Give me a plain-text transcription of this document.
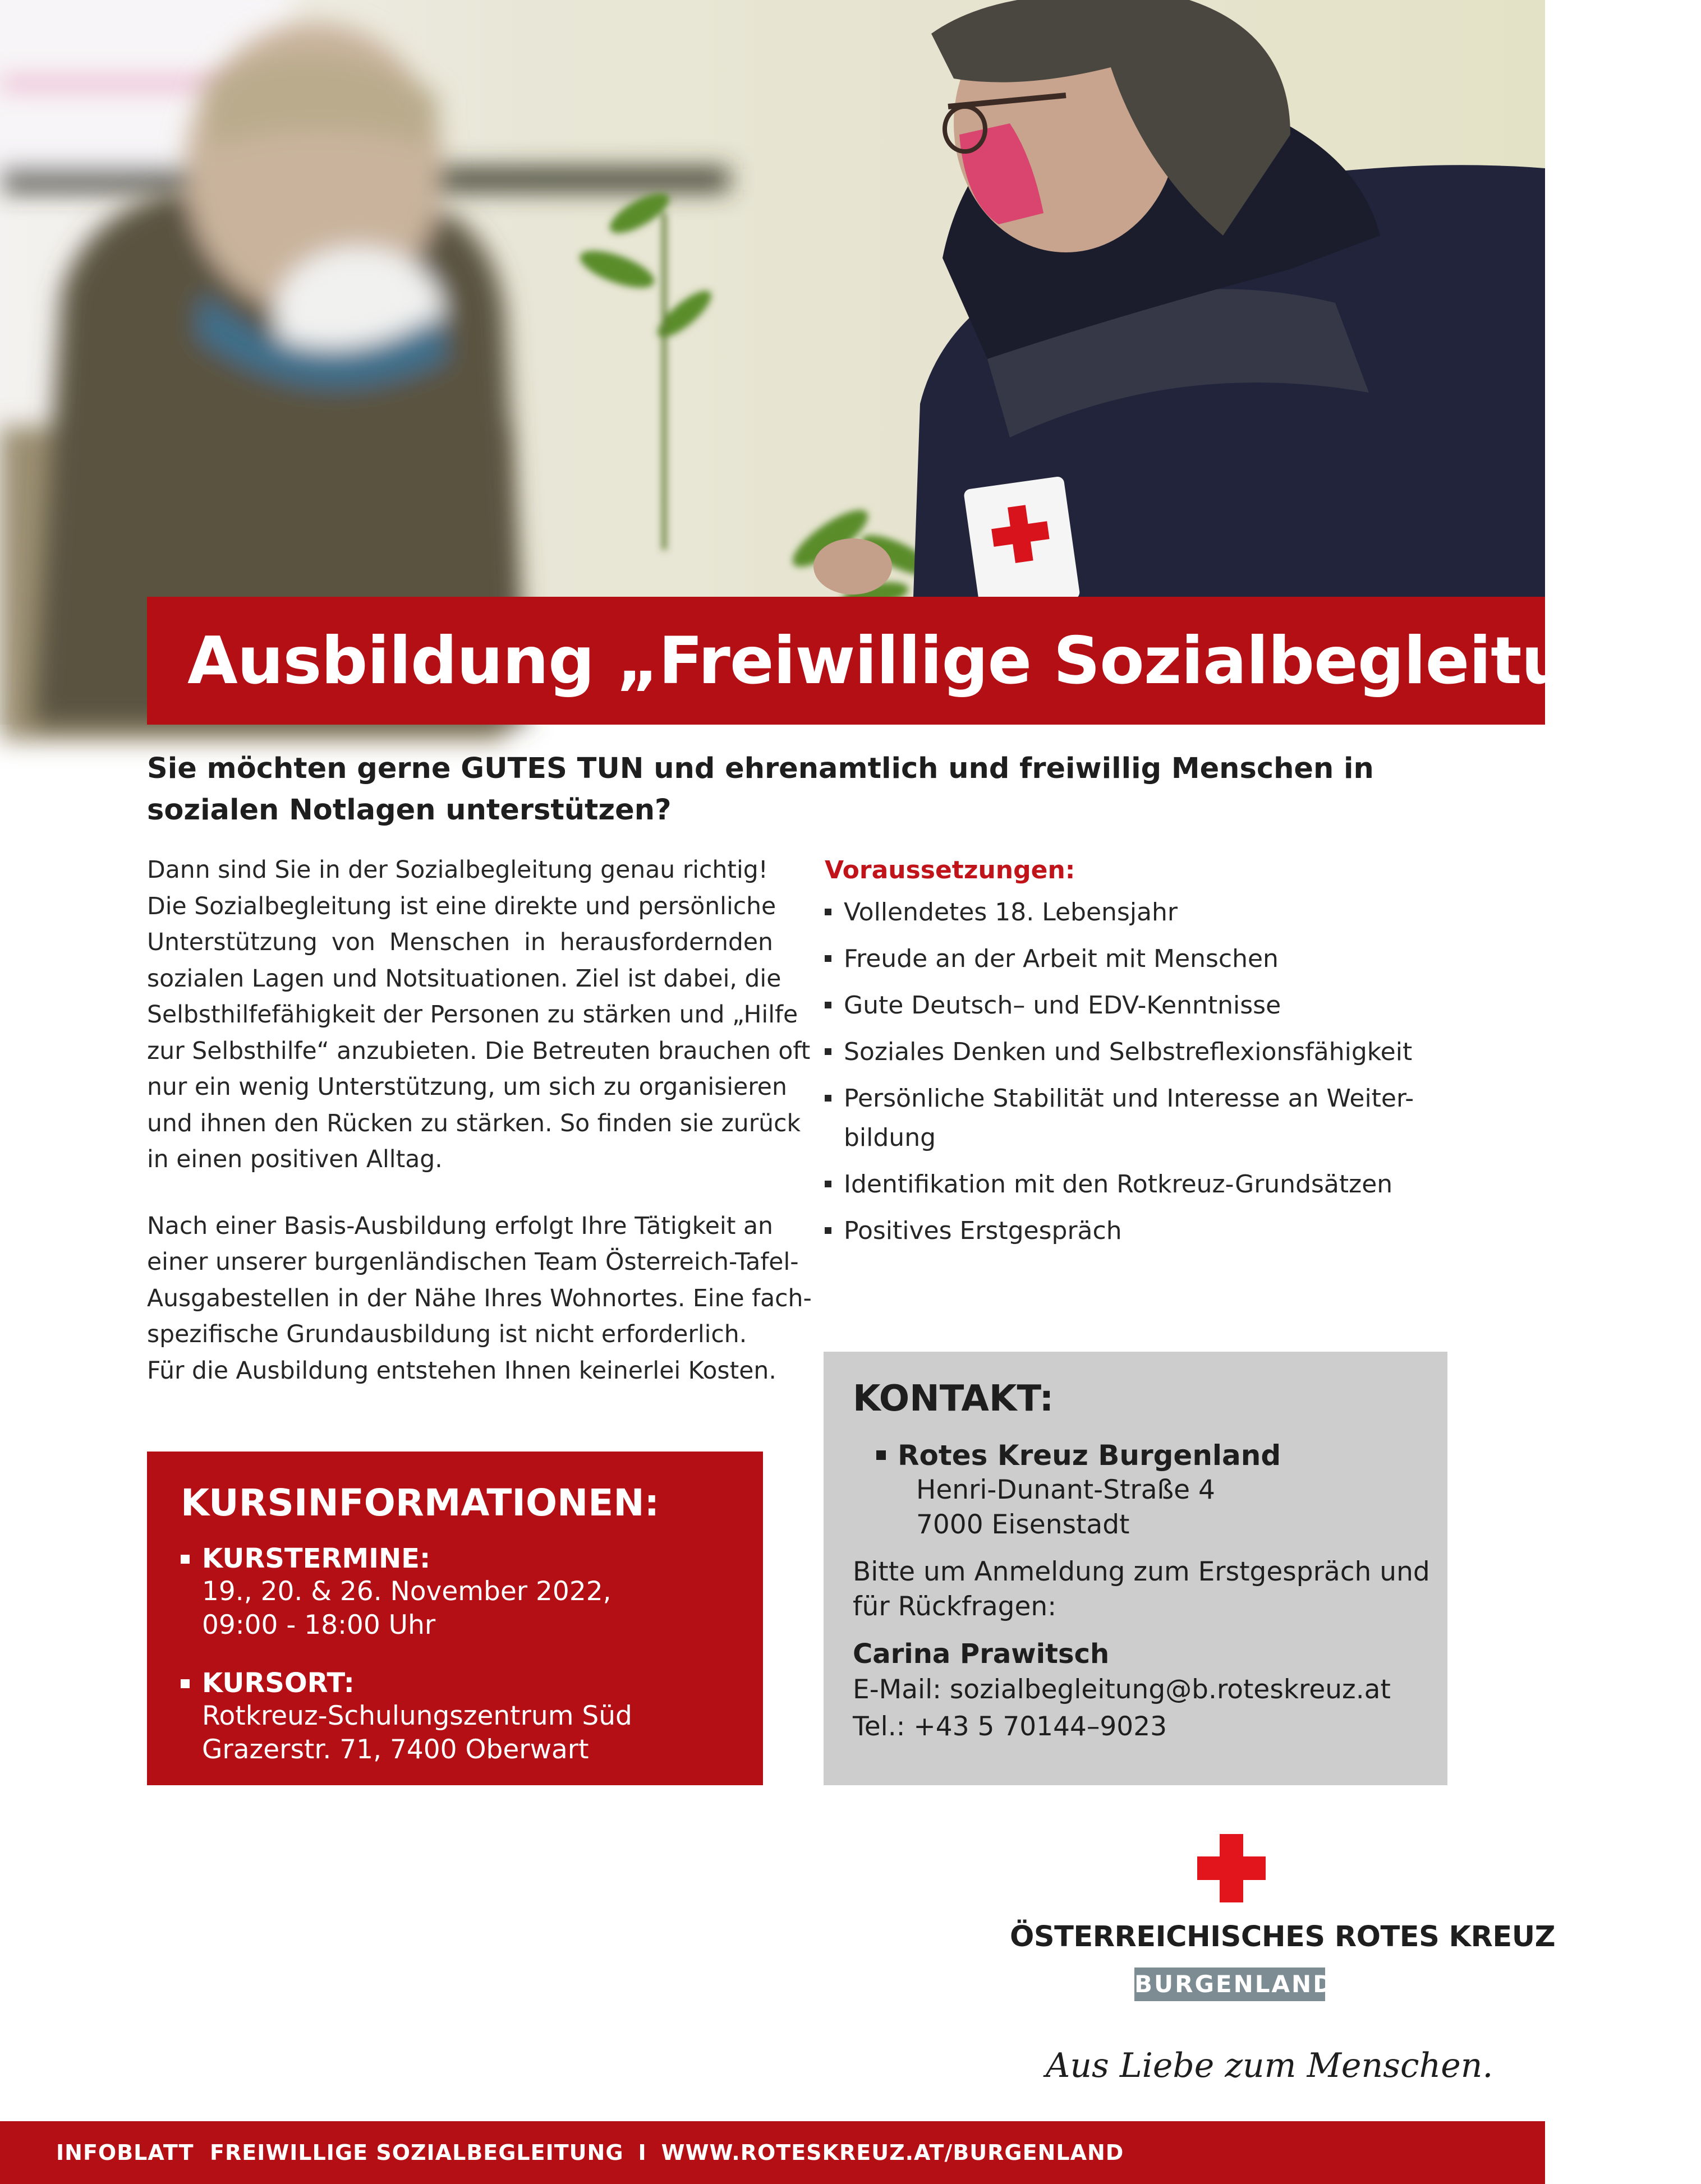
Ausbildung „Freiwillige Sozialbegleitung“
Sie möchten gerne GUTES TUN und ehrenamtlich und freiwillig Menschen in
sozialen Notlagen unterstützen?
Dann sind Sie in der Sozialbegleitung genau richtig!
Die Sozialbegleitung ist eine direkte und persönliche
Unterstützung von Menschen in herausfordernden
sozialen Lagen und Notsituationen. Ziel ist dabei, die
Selbsthilfefähigkeit der Personen zu stärken und „Hilfe
zur Selbsthilfe“ anzubieten. Die Betreuten brauchen oft
nur ein wenig Unterstützung, um sich zu organisieren
und ihnen den Rücken zu stärken. So finden sie zurück
in einen positiven Alltag.
Nach einer Basis-Ausbildung erfolgt Ihre Tätigkeit an
einer unserer burgenländischen Team Österreich-Tafel-
Ausgabestellen in der Nähe Ihres Wohnortes. Eine fach-
spezifische Grundausbildung ist nicht erforderlich.
Für die Ausbildung entstehen Ihnen keinerlei Kosten.
Voraussetzungen:
Vollendetes 18. Lebensjahr
Freude an der Arbeit mit Menschen
Gute Deutsch– und EDV-Kenntnisse
Soziales Denken und Selbstreflexionsfähigkeit
Persönliche Stabilität und Interesse an Weiter-
bildung
Identifikation mit den Rotkreuz-Grundsätzen
Positives Erstgespräch
KURSINFORMATIONEN:
KURSTERMINE:
19., 20. & 26. November 2022,
09:00 - 18:00 Uhr
KURSORT:
Rotkreuz-Schulungszentrum Süd
Grazerstr. 71, 7400 Oberwart
KONTAKT:
Rotes Kreuz Burgenland
Henri-Dunant-Straße 4
7000 Eisenstadt
Bitte um Anmeldung zum Erstgespräch und
für Rückfragen:
Carina Prawitsch
E-Mail: sozialbegleitung@b.roteskreuz.at
Tel.: +43 5 70144–9023
ÖSTERREICHISCHES ROTES KREUZ
BURGENLAND
Aus Liebe zum Menschen.
INFOBLATT  FREIWILLIGE SOZIALBEGLEITUNG I WWW.ROTESKREUZ.AT/BURGENLAND
